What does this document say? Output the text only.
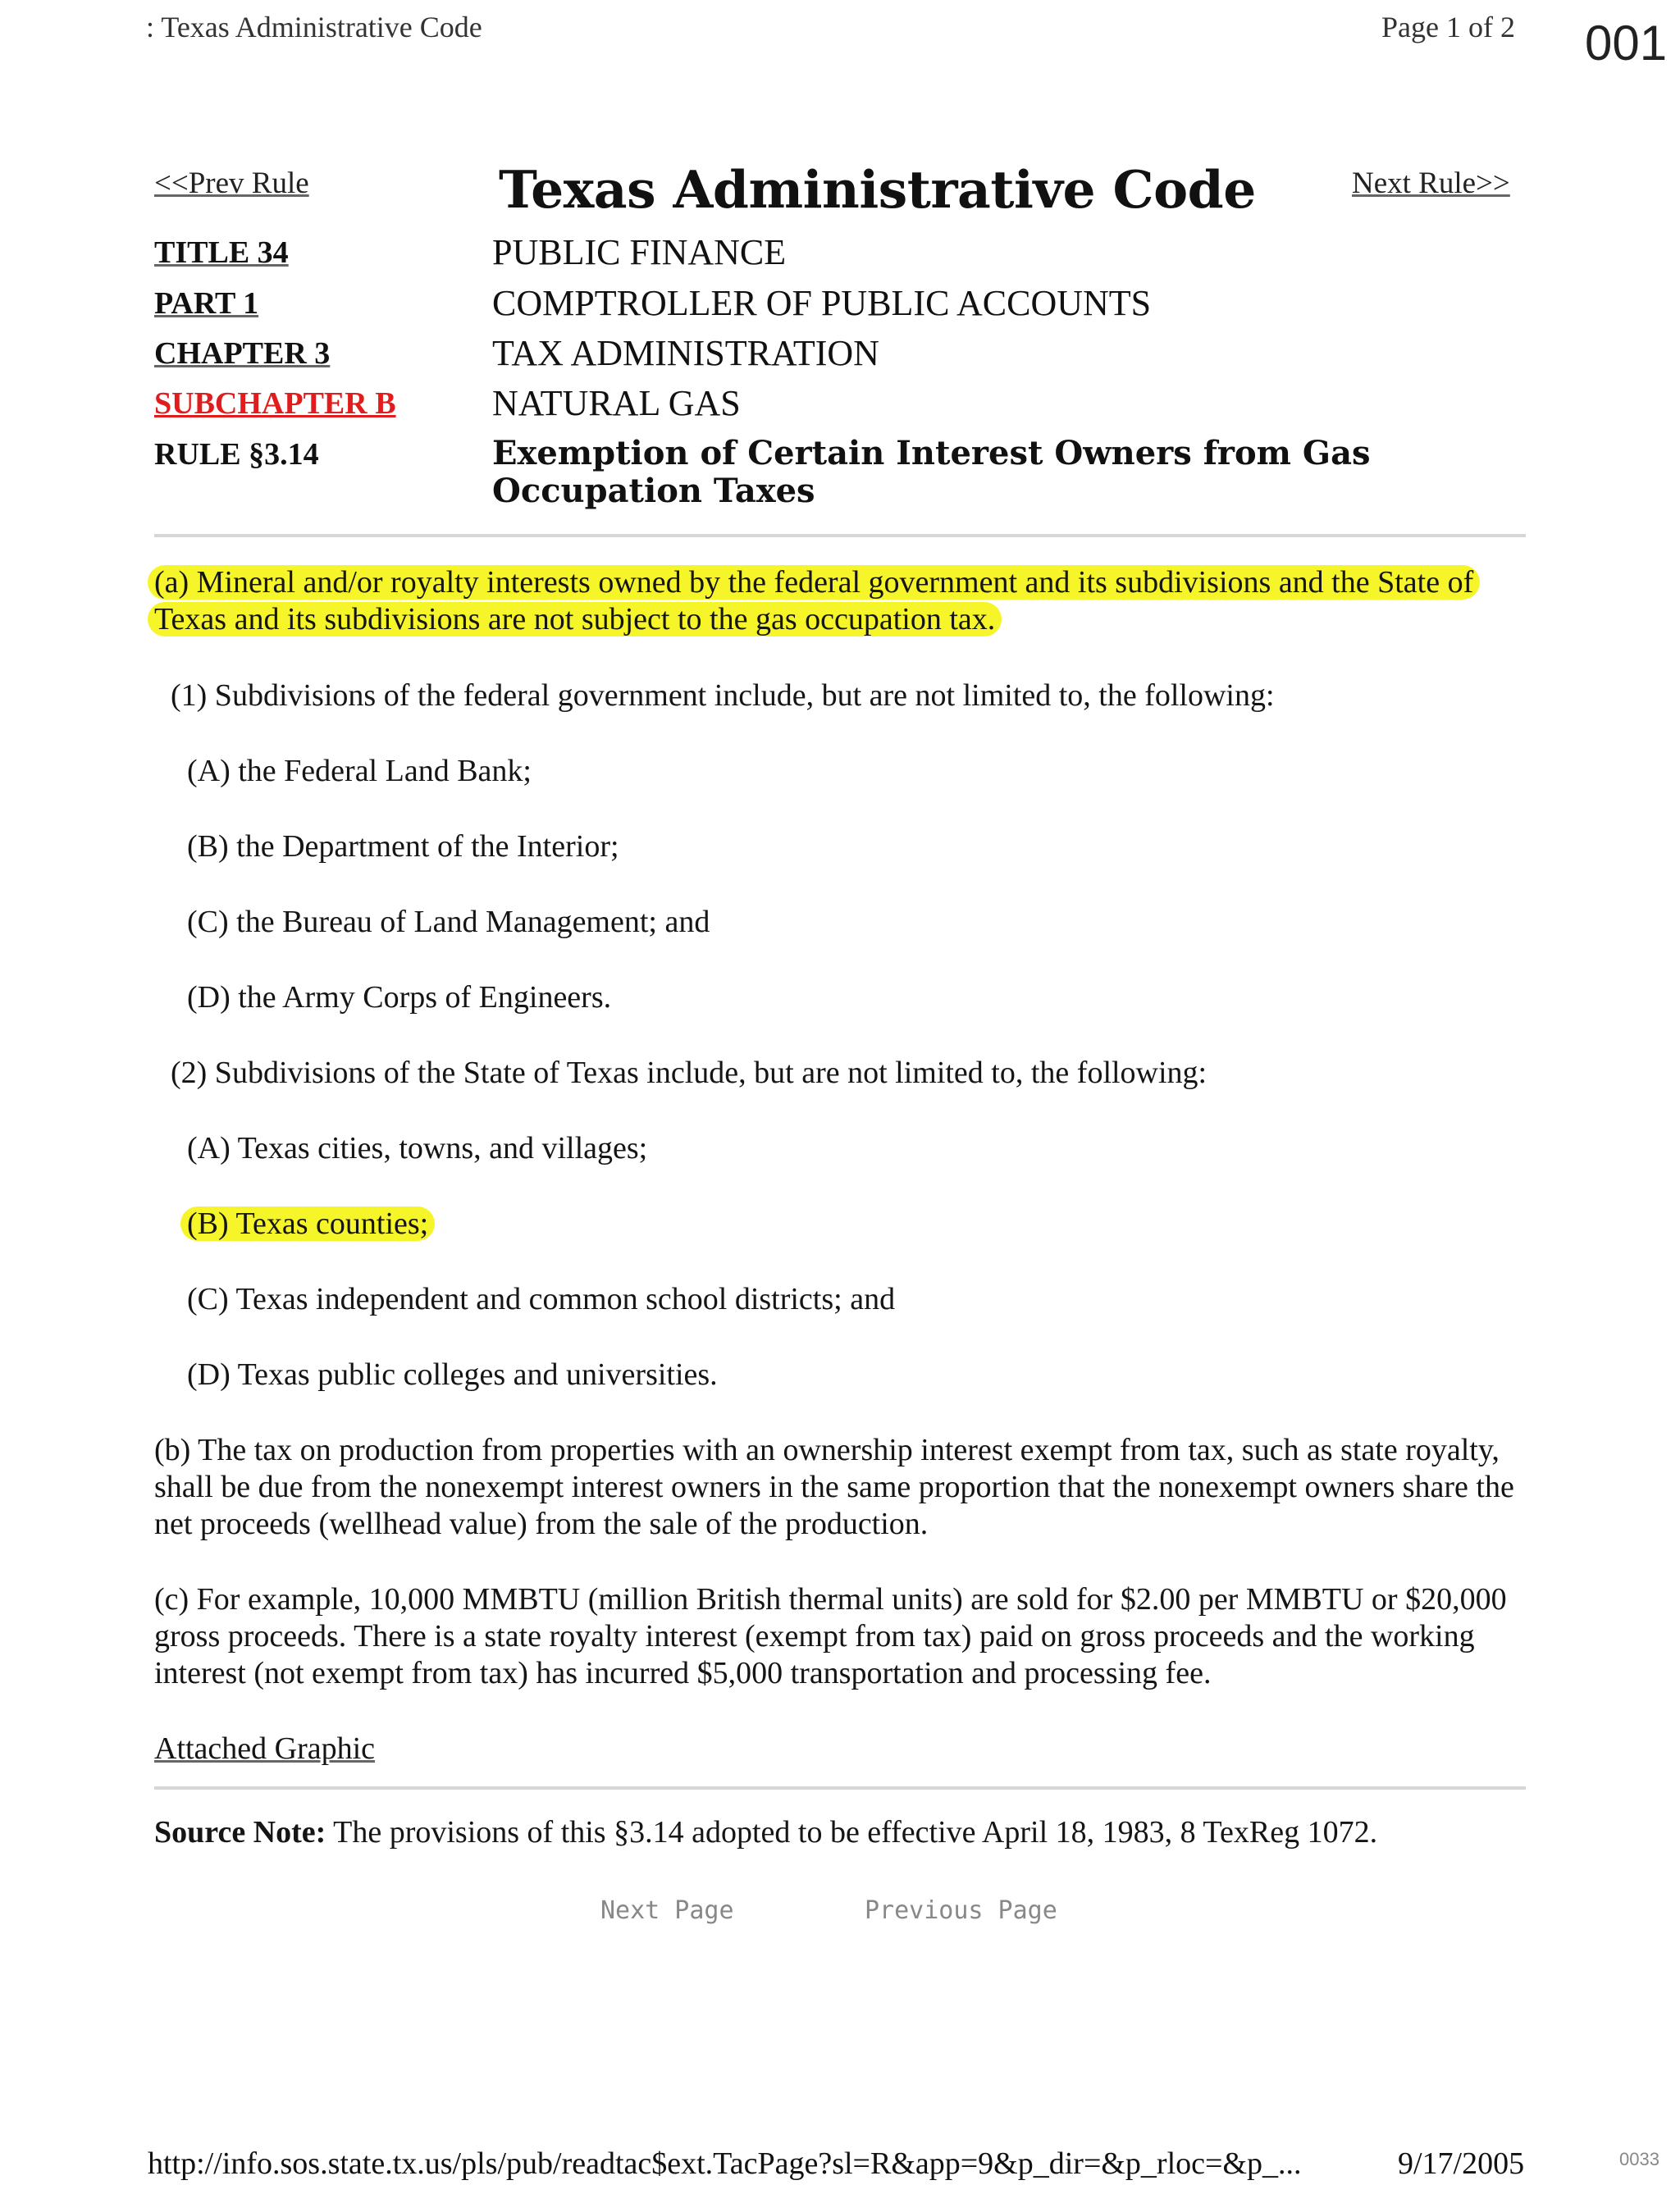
: Texas Administrative Code	Page 1 of 2 001
<<Prev Rule	Texas Administrative Code	Next Rule>>
TITLE 34	PUBLIC FINANCE
PART 1	COMPTROLLER OF PUBLIC ACCOUNTS
CHAPTER 3	TAX ADMINISTRATION
SUBCHAPTER B	NATURAL GAS
RULE §3.14	Exemption of Certain Interest Owners from Gas Occupation Taxes
(a) Mineral and/or royalty interests owned by the federal government and its subdivisions and the State of Texas and its subdivisions are not subject to the gas occupation tax.
(1) Subdivisions of the federal government include, but are not limited to, the following:
(A) the Federal Land Bank;
(B) the Department of the Interior;
(C) the Bureau of Land Management; and
(D) the Army Corps of Engineers.
(2) Subdivisions of the State of Texas include, but are not limited to, the following:
(A) Texas cities, towns, and villages;
(B) Texas counties;
(C) Texas independent and common school districts; and
(D) Texas public colleges and universities.
(b) The tax on production from properties with an ownership interest exempt from tax, such as state royalty, shall be due from the nonexempt interest owners in the same proportion that the nonexempt owners share the net proceeds (wellhead value) from the sale of the production.
(c) For example, 10,000 MMBTU (million British thermal units) are sold for $2.00 per MMBTU or $20,000 gross proceeds. There is a state royalty interest (exempt from tax) paid on gross proceeds and the working interest (not exempt from tax) has incurred $5,000 transportation and processing fee.
Attached Graphic
Source Note: The provisions of this §3.14 adopted to be effective April 18, 1983, 8 TexReg 1072.
Next Page	Previous Page
http://info.sos.state.tx.us/pls/pub/readtac$ext.TacPage?sl=R&app=9&p_dir=&p_rloc=&p_...	9/17/2005	0033
